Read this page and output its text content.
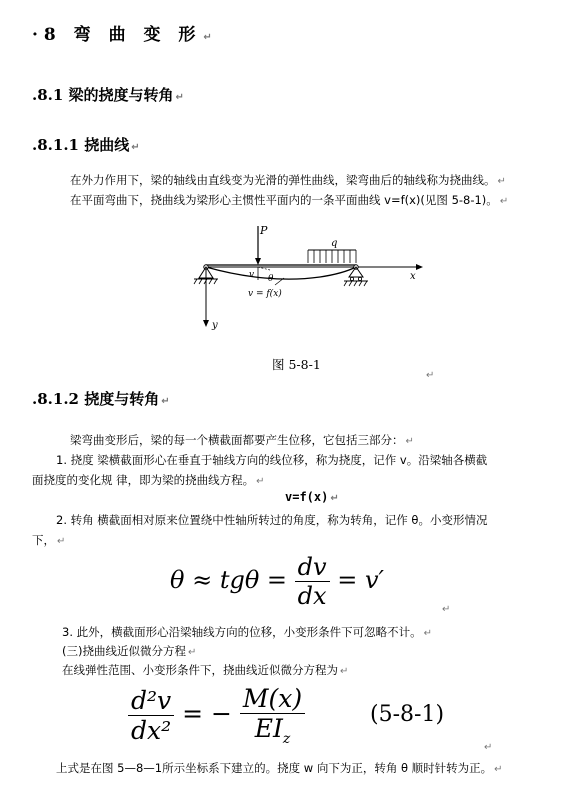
·8 弯 曲 变 形 ↵
.8.1 梁的挠度与转角 ↵
.8.1.1 挠曲线 ↵
在外力作用下，梁的轴线由直线变为光滑的弹性曲线，梁弯曲后的轴线称为挠曲线。 ↵
在平面弯曲下，挠曲线为梁形心主惯性平面内的一条平面曲线 v=f(x)(见图 5-8-1)。 ↵
P
q
x
y
v θ
v = f(x)
图 5-8-1
↵
.8.1.2 挠度与转角 ↵
梁弯曲变形后，梁的每一个横截面都要产生位移，它包括三部分： ↵
1. 挠度 梁横截面形心在垂直于轴线方向的线位移，称为挠度，记作 v。沿梁轴各横截
面挠度的变化规 律，即为梁的挠曲线方程。 ↵
v=f(x) ↵
2. 转角 横截面相对原来位置绕中性轴所转过的角度，称为转角，记作 θ。小变形情况
下， ↵
$\theta \approx tg\theta = \frac{dv}{dx} = v'$
↵
3. 此外，横截面形心沿梁轴线方向的位移，小变形条件下可忽略不计。 ↵
(三)挠曲线近似微分方程 ↵
在线弹性范围、小变形条件下，挠曲线近似微分方程为 ↵
$\frac{\text{d²v}}{\text{dx²}}$ = − $\frac{M(x)}{EI_z}$	(5-8-1)
↵
上式是在图 5—8—1所示坐标系下建立的。挠度 w 向下为正，转角 θ 顺时针转为正。 ↵
